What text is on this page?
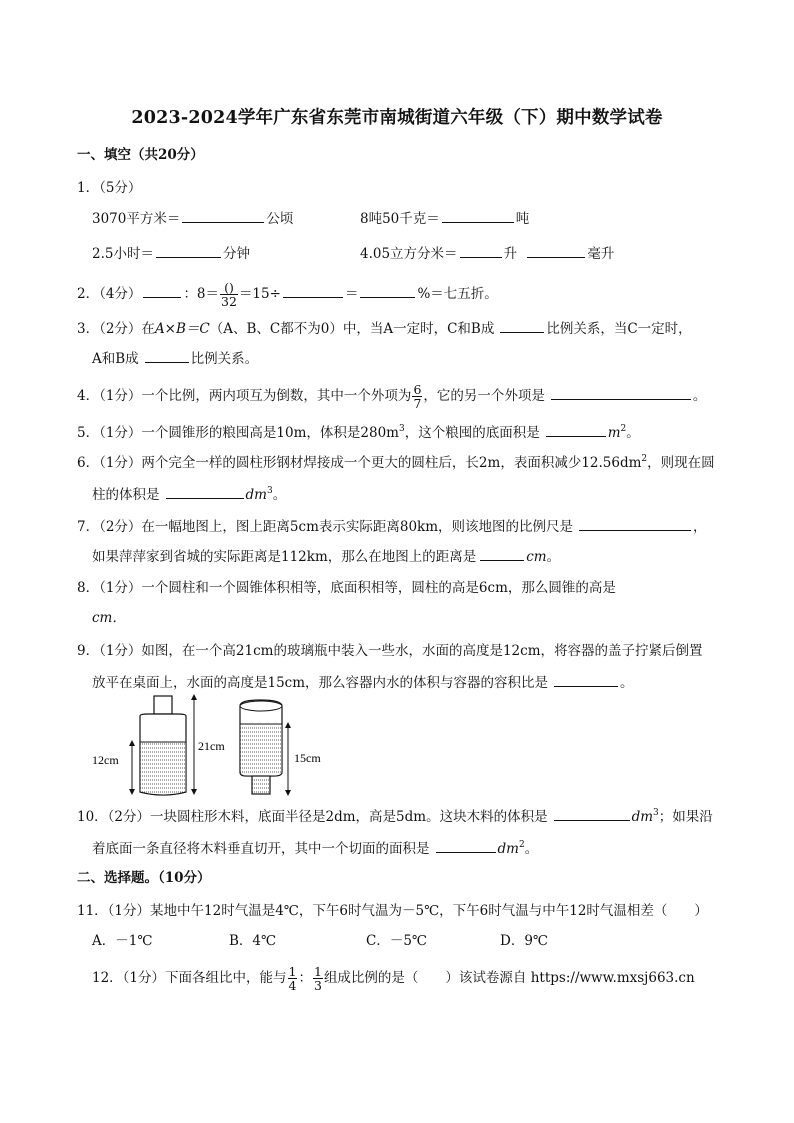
2023-2024学年广东省东莞市南城街道六年级（下）期中数学试卷
一、填空（共20分）
1．（5分）
3070平方米＝	公顷	8吨50千克＝	吨
2.5小时＝	分钟	4.05立方分米＝	升	毫升
2．（4分）	：$8= \frac{()}{32} =15\div$	＝	%＝七五折。
3．（2分）在A×B＝C（A、B、C都不为0）中，当A一定时，C和B成	比例关系，当C一定时，
A和B成	比例关系。
4．（1分）一个比例，两内项互为倒数，其中一个外项为 $\frac{6}{7}$ ，它的另一个外项是	。
5．（1分）一个圆锥形的粮囤高是10m，体积是$280m^3$，这个粮囤的底面积是	$m^2$。
6．（1分）两个完全一样的圆柱形钢材焊接成一个更大的圆柱后，长2m，表面积减少$12.56dm^2$，则现在圆
柱的体积是	$dm^3$。
7．（2分）在一幅地图上，图上距离5cm表示实际距离80km，则该地图的比例尺是	，
如果萍萍家到省城的实际距离是112km，那么在地图上的距离是	cm。
8．（1分）一个圆柱和一个圆锥体积相等，底面积相等，圆柱的高是6cm，那么圆锥的高是
cm．
9．（1分）如图，在一个高21cm的玻璃瓶中装入一些水，水面的高度是12cm，将容器的盖子拧紧后倒置
放平在桌面上，水面的高度是15cm，那么容器内水的体积与容器的容积比是	。
12cm
21cm
15cm
10．（2分）一块圆柱形木料，底面半径是2dm，高是5dm。这块木料的体积是	$dm^3$；如果沿
着底面一条直径将木料垂直切开，其中一个切面的面积是	$dm^2$。
二、选择题。（10分）
11．（1分）某地中午12时气温是4℃，下午6时气温为－5℃，下午6时气温与中午12时气温相差（　　）
A．－1℃	B．4℃	C．－5℃	D．9℃
12．（1分）下面各组比中，能与 $\frac{1}{4}$ ： $\frac{1}{3}$ 组成比例的是（　　）该试卷源自 https://www.mxsj663.cn
